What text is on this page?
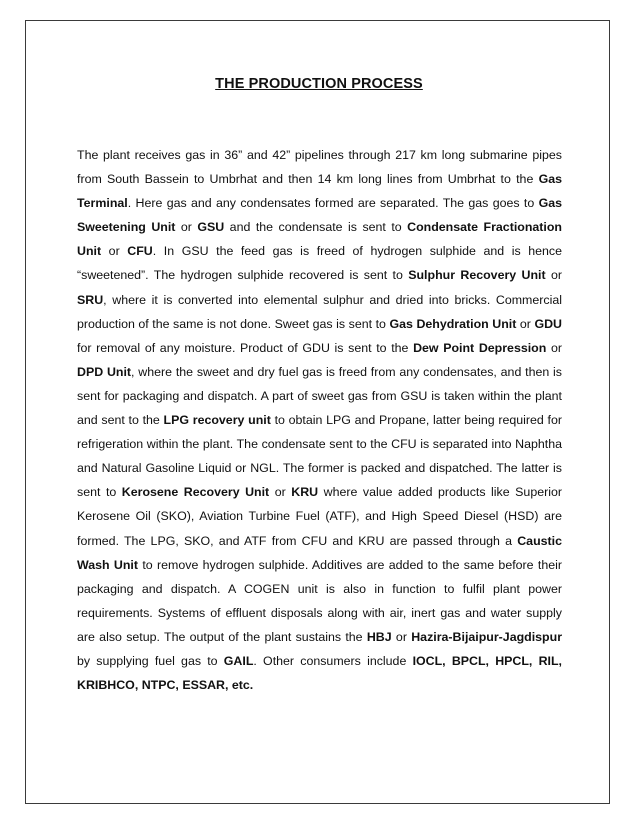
THE PRODUCTION PROCESS

The plant receives gas in 36” and 42” pipelines through 217 km long submarine pipes from South Bassein to Umbrhat and then 14 km long lines from Umbrhat to the Gas Terminal. Here gas and any condensates formed are separated. The gas goes to Gas Sweetening Unit or GSU and the condensate is sent to Condensate Fractionation Unit or CFU. In GSU the feed gas is freed of hydrogen sulphide and is hence “sweetened”. The hydrogen sulphide recovered is sent to Sulphur Recovery Unit or SRU, where it is converted into elemental sulphur and dried into bricks. Commercial production of the same is not done. Sweet gas is sent to Gas Dehydration Unit or GDU for removal of any moisture. Product of GDU is sent to the Dew Point Depression or DPD Unit, where the sweet and dry fuel gas is freed from any condensates, and then is sent for packaging and dispatch. A part of sweet gas from GSU is taken within the plant and sent to the LPG recovery unit to obtain LPG and Propane, latter being required for refrigeration within the plant. The condensate sent to the CFU is separated into Naphtha and Natural Gasoline Liquid or NGL. The former is packed and dispatched. The latter is sent to Kerosene Recovery Unit or KRU where value added products like Superior Kerosene Oil (SKO), Aviation Turbine Fuel (ATF), and High Speed Diesel (HSD) are formed. The LPG, SKO, and ATF from CFU and KRU are passed through a Caustic Wash Unit to remove hydrogen sulphide. Additives are added to the same before their packaging and dispatch. A COGEN unit is also in function to fulfil plant power requirements. Systems of effluent disposals along with air, inert gas and water supply are also setup. The output of the plant sustains the HBJ or Hazira-Bijaipur-Jagdispur by supplying fuel gas to GAIL. Other consumers include IOCL, BPCL, HPCL, RIL, KRIBHCO, NTPC, ESSAR, etc.
